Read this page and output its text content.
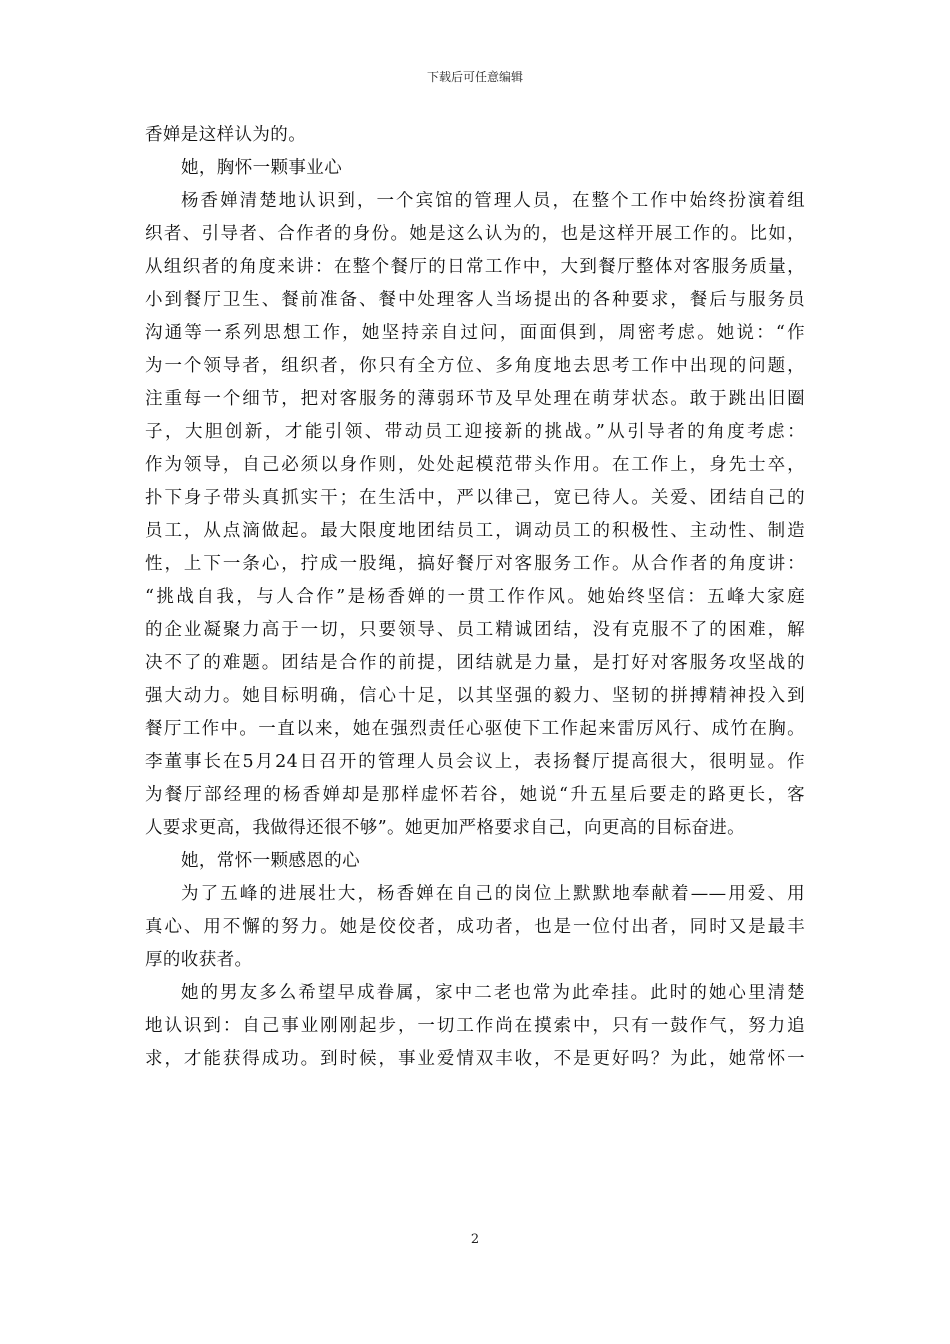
下载后可任意编辑

香婵是这样认为的。

她，胸怀一颗事业心

杨香婵清楚地认识到，一个宾馆的管理人员，在整个工作中始终扮演着组
织者、引导者、合作者的身份。她是这么认为的，也是这样开展工作的。比如，
从组织者的角度来讲：在整个餐厅的日常工作中，大到餐厅整体对客服务质量，
小到餐厅卫生、餐前准备、餐中处理客人当场提出的各种要求，餐后与服务员
沟通等一系列思想工作，她坚持亲自过问，面面俱到，周密考虑。她说：“作
为一个领导者，组织者，你只有全方位、多角度地去思考工作中出现的问题，
注重每一个细节，把对客服务的薄弱环节及早处理在萌芽状态。敢于跳出旧圈
子，大胆创新，才能引领、带动员工迎接新的挑战。”从引导者的角度考虑：
作为领导，自己必须以身作则，处处起模范带头作用。在工作上，身先士卒，
扑下身子带头真抓实干；在生活中，严以律己，宽已待人。关爱、团结自己的
员工，从点滴做起。最大限度地团结员工，调动员工的积极性、主动性、制造
性，上下一条心，拧成一股绳，搞好餐厅对客服务工作。从合作者的角度讲：
“挑战自我，与人合作”是杨香婵的一贯工作作风。她始终坚信：五峰大家庭
的企业凝聚力高于一切，只要领导、员工精诚团结，没有克服不了的困难，解
决不了的难题。团结是合作的前提，团结就是力量，是打好对客服务攻坚战的
强大动力。她目标明确，信心十足，以其坚强的毅力、坚韧的拼搏精神投入到
餐厅工作中。一直以来，她在强烈责任心驱使下工作起来雷厉风行、成竹在胸。
李董事长在5月24日召开的管理人员会议上，表扬餐厅提高很大，很明显。作
为餐厅部经理的杨香婵却是那样虚怀若谷，她说“升五星后要走的路更长，客
人要求更高，我做得还很不够”。她更加严格要求自己，向更高的目标奋进。

她，常怀一颗感恩的心

为了五峰的进展壮大，杨香婵在自己的岗位上默默地奉献着——用爱、用
真心、用不懈的努力。她是佼佼者，成功者，也是一位付出者，同时又是最丰
厚的收获者。

她的男友多么希望早成眷属，家中二老也常为此牵挂。此时的她心里清楚
地认识到：自己事业刚刚起步，一切工作尚在摸索中，只有一鼓作气，努力追
求，才能获得成功。到时候，事业爱情双丰收，不是更好吗？为此，她常怀一

2
